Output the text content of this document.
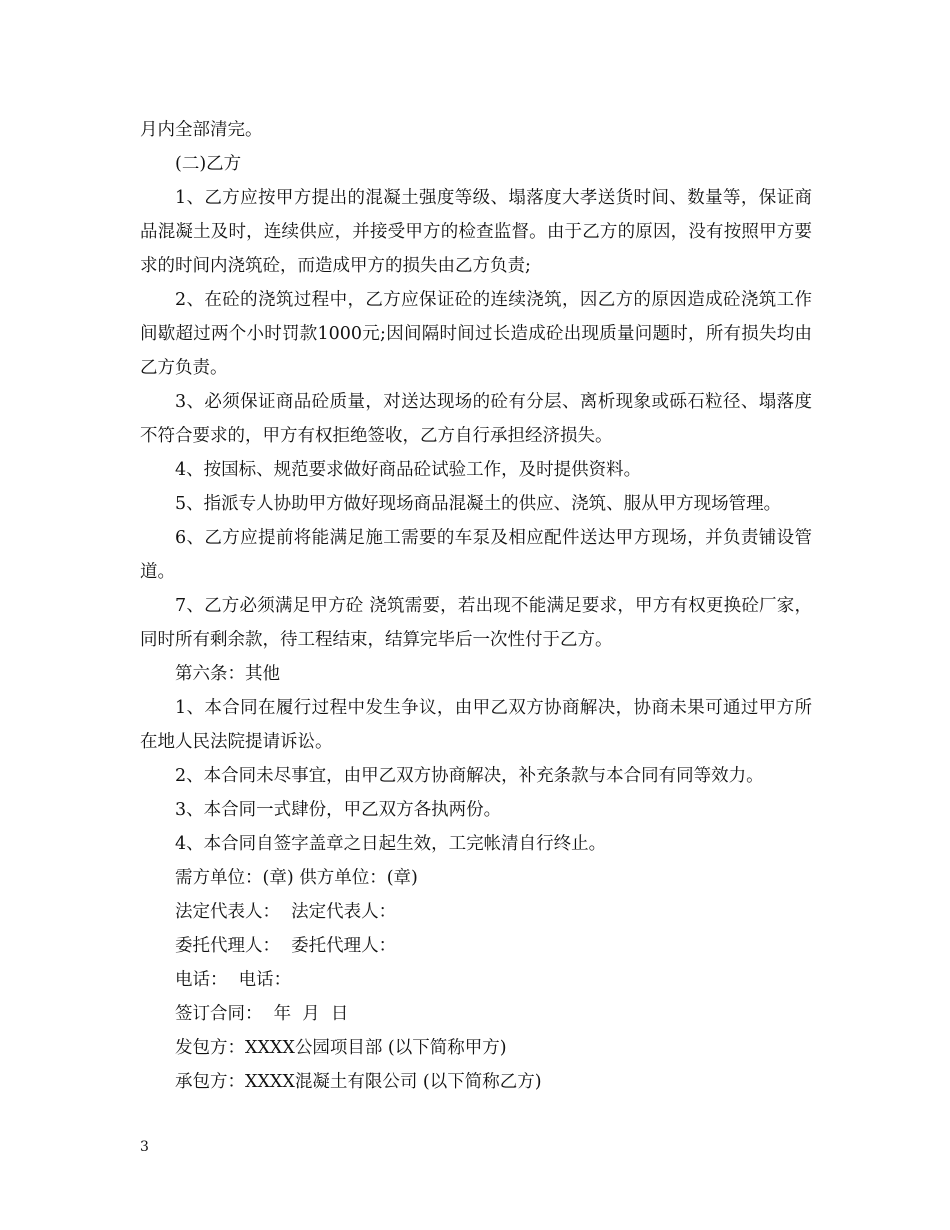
月内全部清完。

(二)乙方

1、乙方应按甲方提出的混凝土强度等级、塌落度大孝送货时间、数量等，保证商品混凝土及时，连续供应，并接受甲方的检查监督。由于乙方的原因，没有按照甲方要求的时间内浇筑砼，而造成甲方的损失由乙方负责;

2、在砼的浇筑过程中，乙方应保证砼的连续浇筑，因乙方的原因造成砼浇筑工作间歇超过两个小时罚款1000元;因间隔时间过长造成砼出现质量问题时，所有损失均由乙方负责。

3、必须保证商品砼质量，对送达现场的砼有分层、离析现象或砾石粒径、塌落度不符合要求的，甲方有权拒绝签收，乙方自行承担经济损失。

4、按国标、规范要求做好商品砼试验工作，及时提供资料。

5、指派专人协助甲方做好现场商品混凝土的供应、浇筑、服从甲方现场管理。

6、乙方应提前将能满足施工需要的车泵及相应配件送达甲方现场，并负责铺设管道。

7、乙方必须满足甲方砼 浇筑需要，若出现不能满足要求，甲方有权更换砼厂家，同时所有剩余款，待工程结束，结算完毕后一次性付于乙方。

第六条：其他

1、本合同在履行过程中发生争议，由甲乙双方协商解决，协商未果可通过甲方所在地人民法院提请诉讼。

2、本合同未尽事宜，由甲乙双方协商解决，补充条款与本合同有同等效力。

3、本合同一式肆份，甲乙双方各执两份。

4、本合同自签字盖章之日起生效，工完帐清自行终止。

需方单位：(章) 供方单位：(章)

法定代表人：  法定代表人：

委托代理人：  委托代理人：

电话：  电话：

签订合同：  年  月  日

发包方：XXXX公园项目部 (以下简称甲方)

承包方：XXXX混凝土有限公司 (以下简称乙方)

3
